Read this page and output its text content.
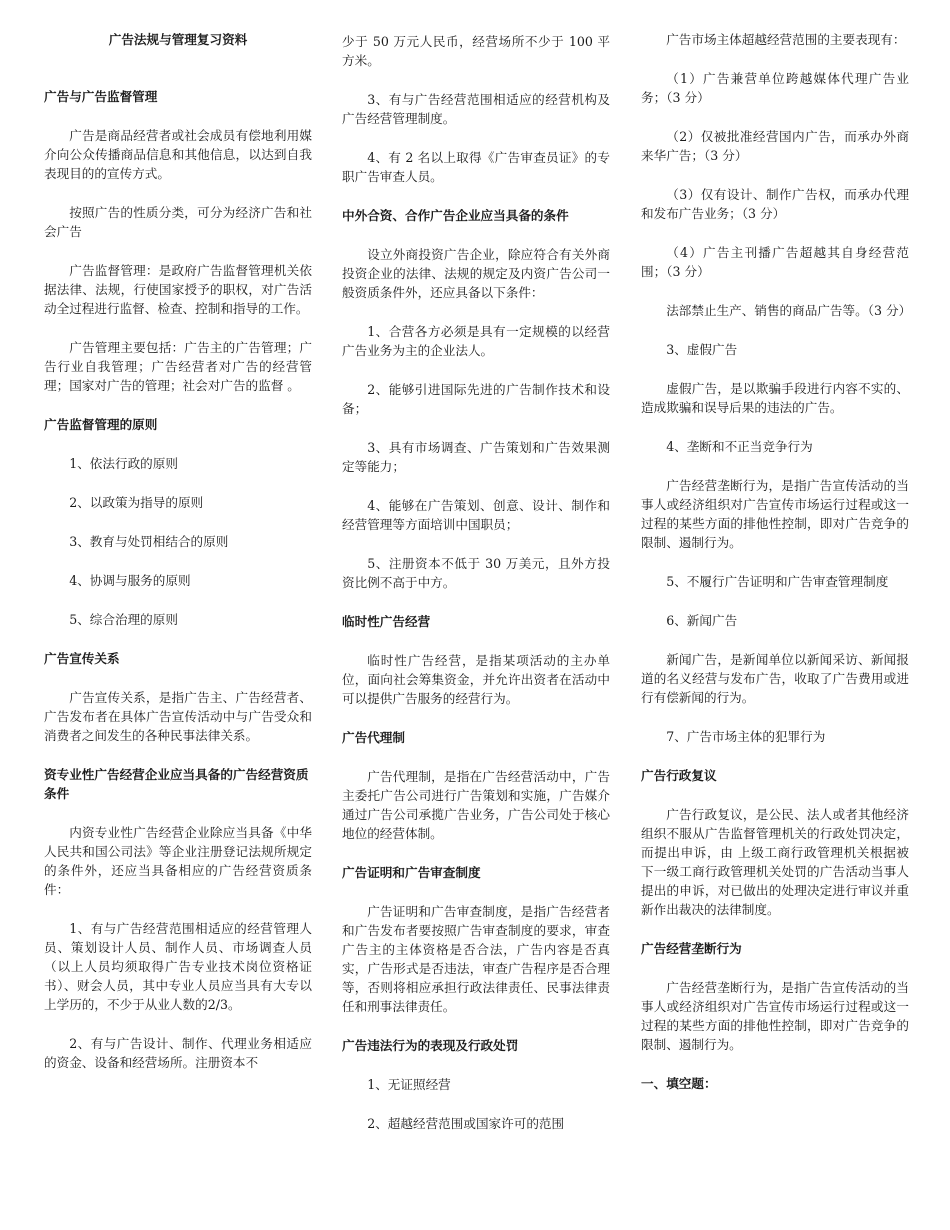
广告法规与管理复习资料
广告与广告监督管理

广告是商品经营者或社会成员有偿地利用媒介向公众传播商品信息和其他信息，以达到自我表现目的的宣传方式。

按照广告的性质分类，可分为经济广告和社会广告

广告监督管理：是政府广告监督管理机关依据法律、法规，行使国家授予的职权，对广告活动全过程进行监督、检查、控制和指导的工作。

广告管理主要包括：广告主的广告管理；广告行业自我管理；广告经营者对广告的经营管理；国家对广告的管理；社会对广告的监督 。

广告监督管理的原则

1、依法行政的原则

2、以政策为指导的原则

3、教育与处罚相结合的原则

4、协调与服务的原则

5、综合治理的原则

广告宣传关系

广告宣传关系，是指广告主、广告经营者、广告发布者在具体广告宣传活动中与广告受众和消费者之间发生的各种民事法律关系。

资专业性广告经营企业应当具备的广告经营资质条件

内资专业性广告经营企业除应当具备《中华人民共和国公司法》等企业注册登记法规所规定的条件外，还应当具备相应的广告经营资质条件：

1、有与广告经营范围相适应的经营管理人员、策划设计人员、制作人员、市场调查人员（以上人员均须取得广告专业技术岗位资格证书）、财会人员，其中专业人员应当具有大专以上学历的，不少于从业人数的2/3。

2、有与广告设计、制作、代理业务相适应的资金、设备和经营场所。注册资本不

少于 50 万元人民币，经营场所不少于 100 平方米。

3、有与广告经营范围相适应的经营机构及广告经营管理制度。

4、有 2 名以上取得《广告审查员证》的专职广告审查人员。

中外合资、合作广告企业应当具备的条件

设立外商投资广告企业，除应符合有关外商投资企业的法律、法规的规定及内资广告公司一般资质条件外，还应具备以下条件：

1、合营各方必须是具有一定规模的以经营广告业务为主的企业法人。

2、能够引进国际先进的广告制作技术和设备；

3、具有市场调查、广告策划和广告效果测定等能力；

4、能够在广告策划、创意、设计、制作和经营管理等方面培训中国职员；

5、注册资本不低于 30 万美元，且外方投资比例不高于中方。

临时性广告经营

临时性广告经营，是指某项活动的主办单位，面向社会筹集资金，并允许出资者在活动中可以提供广告服务的经营行为。

广告代理制

广告代理制，是指在广告经营活动中，广告主委托广告公司进行广告策划和实施，广告媒介通过广告公司承揽广告业务，广告公司处于核心地位的经营体制。

广告证明和广告审查制度

广告证明和广告审查制度，是指广告经营者和广告发布者要按照广告审查制度的要求，审查广告主的主体资格是否合法，广告内容是否真实，广告形式是否违法，审查广告程序是否合理等，否则将相应承担行政法律责任、民事法律责任和刑事法律责任。

广告违法行为的表现及行政处罚

1、无证照经营

2、超越经营范围或国家许可的范围

广告市场主体超越经营范围的主要表现有：

（1）广告兼营单位跨越媒体代理广告业务；（3 分）

（2）仅被批准经营国内广告，而承办外商来华广告；（3 分）

（3）仅有设计、制作广告权，而承办代理和发布广告业务；（3 分）

（4）广告主刊播广告超越其自身经营范围；（3 分）

法部禁止生产、销售的商品广告等。（3 分）

3、虚假广告

虚假广告，是以欺骗手段进行内容不实的、造成欺骗和误导后果的违法的广告。

4、垄断和不正当竞争行为

广告经营垄断行为，是指广告宣传活动的当事人或经济组织对广告宣传市场运行过程或这一过程的某些方面的排他性控制，即对广告竞争的限制、遏制行为。

5、不履行广告证明和广告审查管理制度

6、新闻广告

新闻广告，是新闻单位以新闻采访、新闻报道的名义经营与发布广告，收取了广告费用或进行有偿新闻的行为。

7、广告市场主体的犯罪行为

广告行政复议

广告行政复议，是公民、法人或者其他经济组织不服从广告监督管理机关的行政处罚决定，而提出申诉，由 上级工商行政管理机关根据被下一级工商行政管理机关处罚的广告活动当事人提出的申诉，对已做出的处理决定进行审议并重新作出裁决的法律制度。

广告经营垄断行为

广告经营垄断行为，是指广告宣传活动的当事人或经济组织对广告宣传市场运行过程或这一过程的某些方面的排他性控制，即对广告竞争的限制、遏制行为。

一、填空题：
